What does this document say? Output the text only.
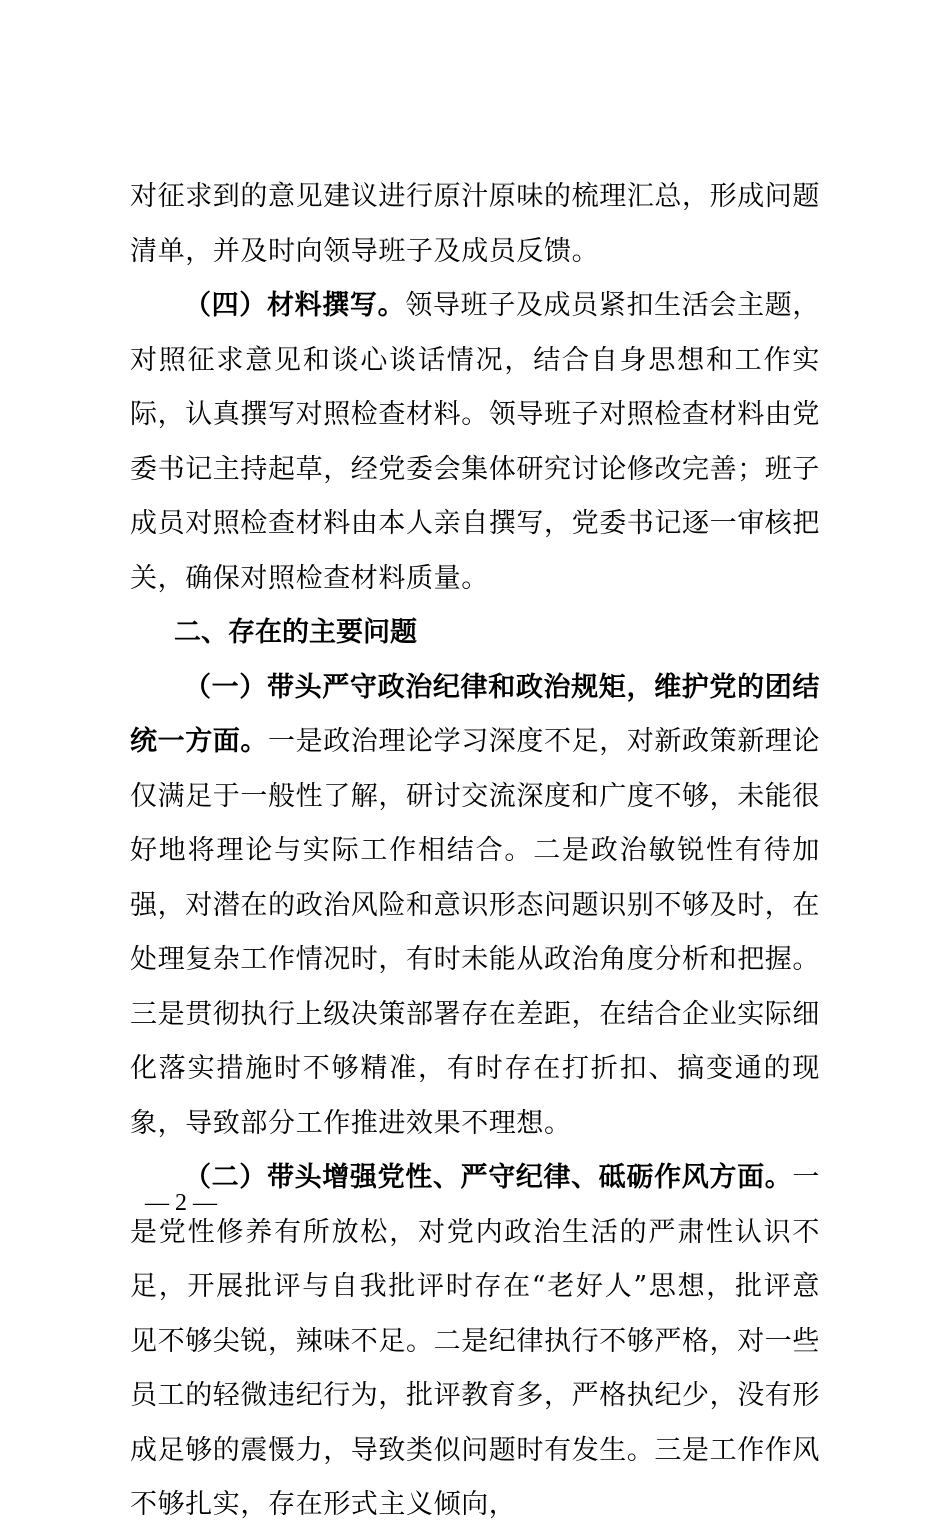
对征求到的意见建议进行原汁原味的梳理汇总，形成问题清单，并及时向领导班子及成员反馈。

（四）材料撰写。领导班子及成员紧扣生活会主题，对照征求意见和谈心谈话情况，结合自身思想和工作实际，认真撰写对照检查材料。领导班子对照检查材料由党委书记主持起草，经党委会集体研究讨论修改完善；班子成员对照检查材料由本人亲自撰写，党委书记逐一审核把关，确保对照检查材料质量。

二、存在的主要问题

（一）带头严守政治纪律和政治规矩，维护党的团结统一方面。一是政治理论学习深度不足，对新政策新理论仅满足于一般性了解，研讨交流深度和广度不够，未能很好地将理论与实际工作相结合。二是政治敏锐性有待加强，对潜在的政治风险和意识形态问题识别不够及时，在处理复杂工作情况时，有时未能从政治角度分析和把握。三是贯彻执行上级决策部署存在差距，在结合企业实际细化落实措施时不够精准，有时存在打折扣、搞变通的现象，导致部分工作推进效果不理想。

（二）带头增强党性、严守纪律、砥砺作风方面。一是党性修养有所放松，对党内政治生活的严肃性认识不足，开展批评与自我批评时存在“老好人”思想，批评意见不够尖锐，辣味不足。二是纪律执行不够严格，对一些员工的轻微违纪行为，批评教育多，严格执纪少，没有形成足够的震慑力，导致类似问题时有发生。三是工作作风不够扎实，存在形式主义倾向，

— 2 —
